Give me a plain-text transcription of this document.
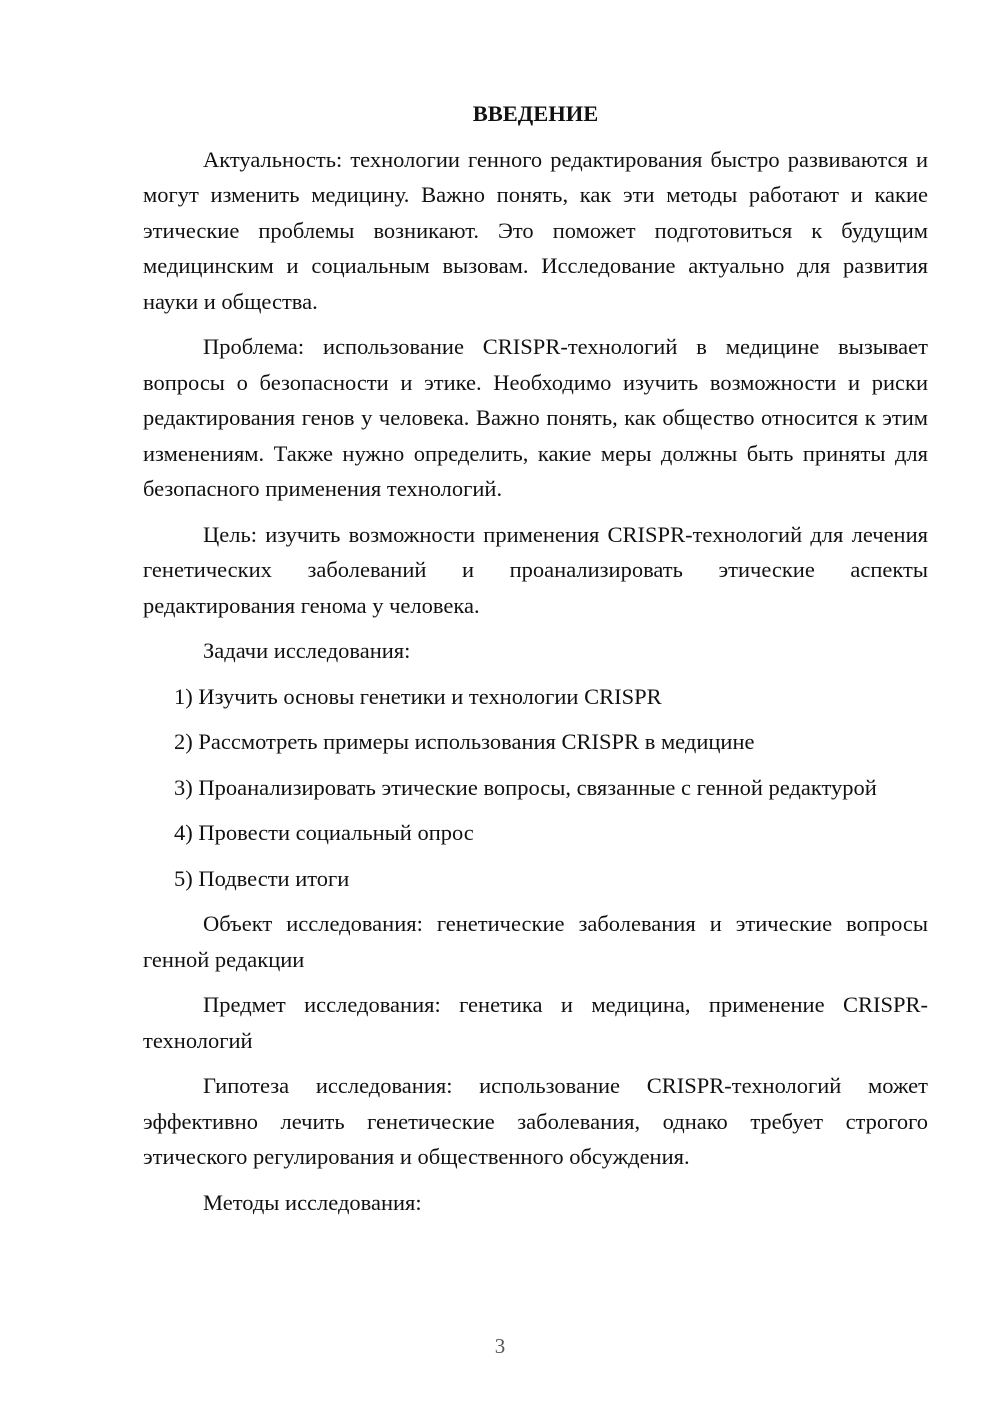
ВВЕДЕНИЕ

Актуальность: технологии генного редактирования быстро развиваются и могут изменить медицину. Важно понять, как эти методы работают и какие этические проблемы возникают. Это поможет подготовиться к будущим медицинским и социальным вызовам. Исследование актуально для развития науки и общества.

Проблема: использование CRISPR-технологий в медицине вызывает вопросы о безопасности и этике. Необходимо изучить возможности и риски редактирования генов у человека. Важно понять, как общество относится к этим изменениям. Также нужно определить, какие меры должны быть приняты для безопасного применения технологий.

Цель: изучить возможности применения CRISPR-технологий для лечения генетических заболеваний и проанализировать этические аспекты редактирования генома у человека.

Задачи исследования:

1) Изучить основы генетики и технологии CRISPR

2) Рассмотреть примеры использования CRISPR в медицине

3) Проанализировать этические вопросы, связанные с генной редактурой

4) Провести социальный опрос

5) Подвести итоги

Объект исследования: генетические заболевания и этические вопросы генной редакции

Предмет исследования: генетика и медицина, применение CRISPR-технологий

Гипотеза исследования: использование CRISPR-технологий может эффективно лечить генетические заболевания, однако требует строгого этического регулирования и общественного обсуждения.

Методы исследования:

3
